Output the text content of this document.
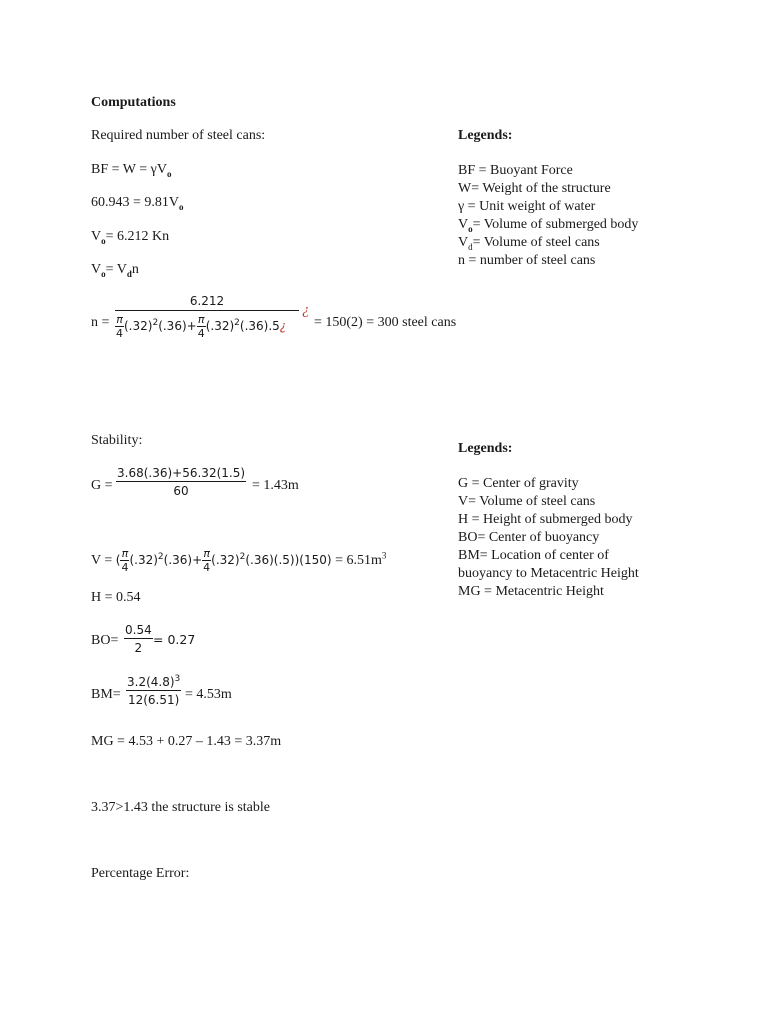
Computations
Required number of steel cans:
BF = $W = \gamma V_o$
$60.943 = 9.81V_o$
$V_o= 6.212$ Kn
$V_o= V_dn$
$n = \frac{6.212}{\frac{\pi}{4} (.32)^2(.36)+ \frac{\pi}{4} (.32)^2(.36).5¿}$ ¿
= 150(2) = 300 steel cans
Legends:
BF = Buoyant Force
W= Weight of the structure
γ = Unit weight of water
$V_o=$ Volume of submerged body
$V_d=$ Volume of steel cans
n = number of steel cans
Stability:
$G = \frac{3.68(.36)+56.32(1.5)}{60} = 1.43m$
V = ( $\frac{\pi}{4} (.32)^2(.36)+ \frac{\pi}{4} (.32)^2(.36)(.5))(150) = 6.51m^3$
H = 0.54
$BO= \frac{0.54}{2} = 0.27$
$BM= \frac{3.2(4.8)^3}{12(6.51)} = 4.53m$
MG = 4.53 + 0.27 – 1.43 = 3.37m
3.37>1.43 the structure is stable
Percentage Error:
Legends:
G = Center of gravity
V= Volume of steel cans
H = Height of submerged body
BO= Center of buoyancy
BM= Location of center of
buoyancy to Metacentric Height
MG = Metacentric Height
